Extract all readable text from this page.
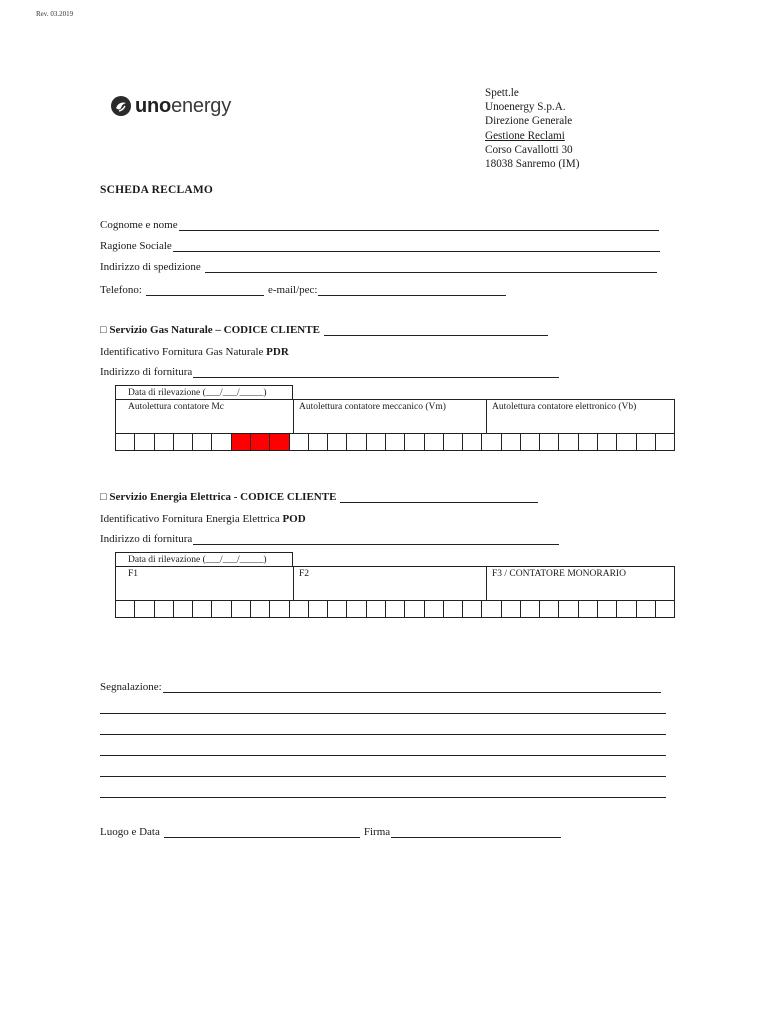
Rev. 03.2019
unoenergy
Spett.le
Unoenergy S.p.A.
Direzione Generale
Gestione Reclami
Corso Cavallotti 30
18038 Sanremo (IM)
SCHEDA RECLAMO
Cognome e nome
Ragione Sociale
Indirizzo di spedizione
Telefono:	e-mail/pec:
□ Servizio Gas Naturale – CODICE CLIENTE
Identificativo Fornitura Gas Naturale PDR
Indirizzo di fornitura
Data di rilevazione (___/___/_____)
Autolettura contatore Mc	Autolettura contatore meccanico (Vm)	Autolettura contatore elettronico (Vb)
□ Servizio Energia Elettrica - CODICE CLIENTE
Identificativo Fornitura Energia Elettrica POD
Indirizzo di fornitura
Data di rilevazione (___/___/_____)
F1	F2	F3 / CONTATORE MONORARIO
Segnalazione:
Luogo e Data	Firma
